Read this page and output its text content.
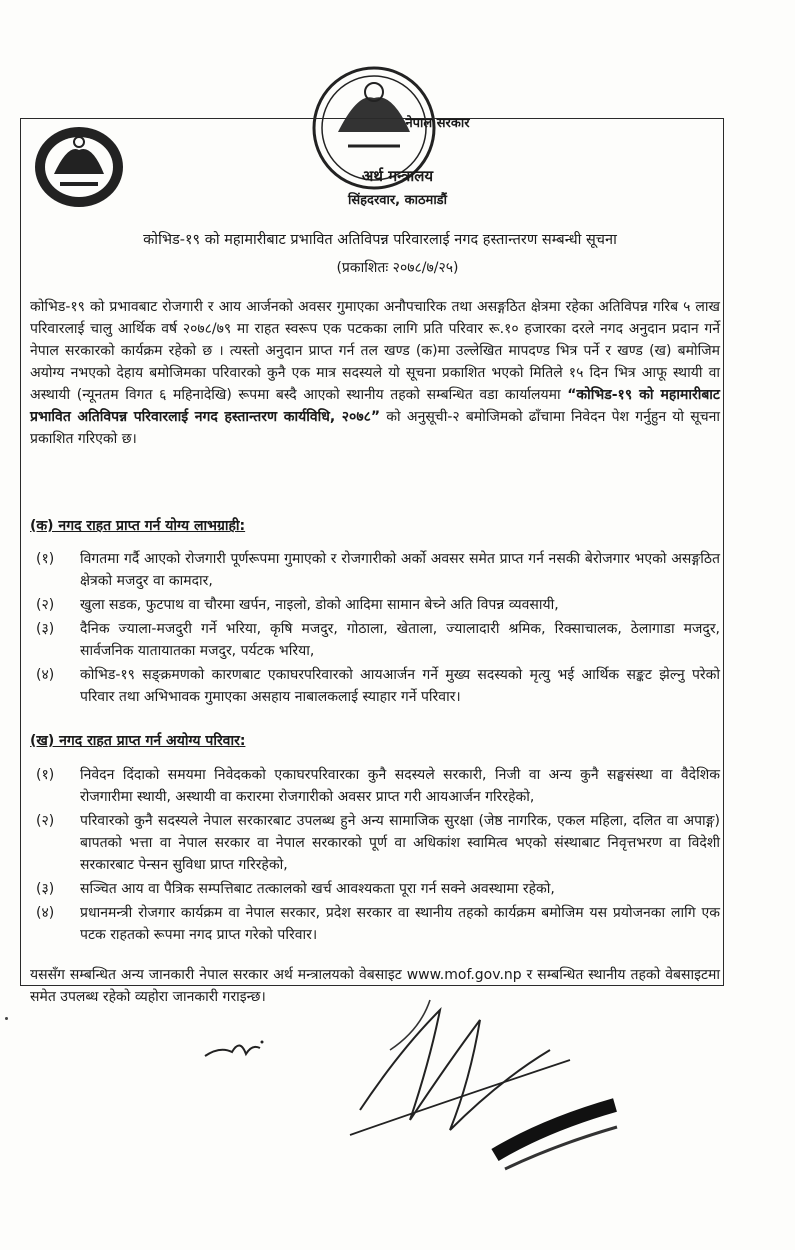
नेपाल सरकार
अर्थ मन्त्रालय
सिंहदरवार, काठमाडौं
कोभिड-१९ को महामारीबाट प्रभावित अतिविपन्न परिवारलाई नगद हस्तान्तरण सम्बन्धी सूचना
(प्रकाशितः २०७८/७/२५)

कोभिड-१९ को प्रभावबाट रोजगारी र आय आर्जनको अवसर गुमाएका अनौपचारिक तथा असङ्गठित क्षेत्रमा रहेका अतिविपन्न गरिब ५ लाख परिवारलाई चालु आर्थिक वर्ष २०७८/७९ मा राहत स्वरूप एक पटकका लागि प्रति परिवार रू.१० हजारका दरले नगद अनुदान प्रदान गर्ने नेपाल सरकारको कार्यक्रम रहेको छ । त्यस्तो अनुदान प्राप्त गर्न तल खण्ड (क)मा उल्लेखित मापदण्ड भित्र पर्ने र खण्ड (ख) बमोजिम अयोग्य नभएको देहाय बमोजिमका परिवारको कुनै एक मात्र सदस्यले यो सूचना प्रकाशित भएको मितिले १५ दिन भित्र आफू स्थायी वा अस्थायी (न्यूनतम विगत ६ महिनादेखि) रूपमा बस्दै आएको स्थानीय तहको सम्बन्धित वडा कार्यालयमा “कोभिड-१९ को महामारीबाट प्रभावित अतिविपन्न परिवारलाई नगद हस्तान्तरण कार्यविधि, २०७८” को अनुसूची-२ बमोजिमको ढाँचामा निवेदन पेश गर्नुहुन यो सूचना प्रकाशित गरिएको छ।

(क) नगद राहत प्राप्त गर्न योग्य लाभग्राही:
(१) विगतमा गर्दै आएको रोजगारी पूर्णरूपमा गुमाएको र रोजगारीको अर्को अवसर समेत प्राप्त गर्न नसकी बेरोजगार भएको असङ्गठित क्षेत्रको मजदुर वा कामदार,
(२) खुला सडक, फुटपाथ वा चौरमा खर्पन, नाइलो, डोको आदिमा सामान बेच्ने अति विपन्न व्यवसायी,
(३) दैनिक ज्याला-मजदुरी गर्ने भरिया, कृषि मजदुर, गोठाला, खेताला, ज्यालादारी श्रमिक, रिक्साचालक, ठेलागाडा मजदुर, सार्वजनिक यातायातका मजदुर, पर्यटक भरिया,
(४) कोभिड-१९ सङ्क्रमणको कारणबाट एकाघरपरिवारको आयआर्जन गर्ने मुख्य सदस्यको मृत्यु भई आर्थिक सङ्कट झेल्नु परेको परिवार तथा अभिभावक गुमाएका असहाय नाबालकलाई स्याहार गर्ने परिवार।
(ख) नगद राहत प्राप्त गर्न अयोग्य परिवार:
(१) निवेदन दिंदाको समयमा निवेदकको एकाघरपरिवारका कुनै सदस्यले सरकारी, निजी वा अन्य कुनै सङ्घसंस्था वा वैदेशिक रोजगारीमा स्थायी, अस्थायी वा करारमा रोजगारीको अवसर प्राप्त गरी आयआर्जन गरिरहेको,
(२) परिवारको कुनै सदस्यले नेपाल सरकारबाट उपलब्ध हुने अन्य सामाजिक सुरक्षा (जेष्ठ नागरिक, एकल महिला, दलित वा अपाङ्ग) बापतको भत्ता वा नेपाल सरकार वा नेपाल सरकारको पूर्ण वा अधिकांश स्वामित्व भएको संस्थाबाट निवृत्तभरण वा विदेशी सरकारबाट पेन्सन सुविधा प्राप्त गरिरहेको,
(३) सञ्चित आय वा पैत्रिक सम्पत्तिबाट तत्कालको खर्च आवश्यकता पूरा गर्न सक्ने अवस्थामा रहेको,
(४) प्रधानमन्त्री रोजगार कार्यक्रम वा नेपाल सरकार, प्रदेश सरकार वा स्थानीय तहको कार्यक्रम बमोजिम यस प्रयोजनका लागि एक पटक राहतको रूपमा नगद प्राप्त गरेको परिवार।

यससँग सम्बन्धित अन्य जानकारी नेपाल सरकार अर्थ मन्त्रालयको वेबसाइट www.mof.gov.np र सम्बन्धित स्थानीय तहको वेबसाइटमा समेत उपलब्ध रहेको व्यहोरा जानकारी गराइन्छ।
